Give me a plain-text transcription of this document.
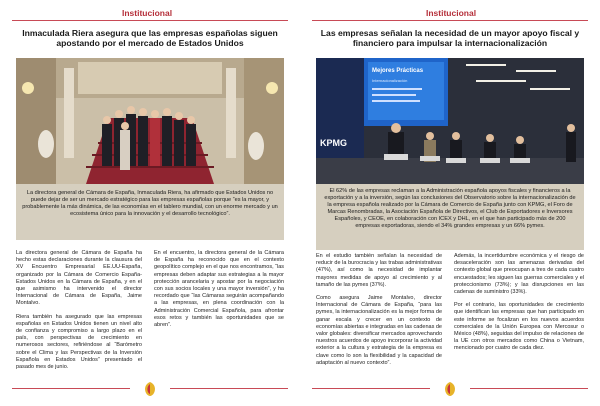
Institucional
Inmaculada Riera asegura que las empresas españolas siguen apostando por el mercado de Estados Unidos
La directora general de Cámara de España, Inmaculada Riera, ha afirmado que Estados Unidos no puede dejar de ser un mercado estratégico para las empresas españolas porque “es la mayor, y probablemente la más dinámica, de las economías en el tablero mundial, con un enorme mercado y un ecosistema único para la innovación y el desarrollo tecnológico”.

La directora general de Cámara de España ha hecho estas declaraciones durante la clausura del XV Encuentro Empresarial EE.UU-España, organizado por la Cámara de Comercio España-Estados Unidos en la Cámara de España, y en el que asimismo ha intervenido el director Internacional de Cámara de España, Jaime Montalvo.

Riera también ha asegurado que las empresas españolas en Estados Unidos tienen un nivel alto de confianza y compromiso a largo plazo en el país, con perspectivas de crecimiento en numerosos sectores, refiriéndose al “Barómetro sobre el Clima y las Perspectivas de la Inversión Española en Estados Unidos” presentado el pasado mes de junio.

En el encuentro, la directora general de la Cámara de España ha reconocido que en el contexto geopolítico complejo en el que nos encontramos, “las empresas deben adaptar sus estrategias a la mayor protección arancelaria y apostar por la negociación con sus socios locales y una mayor inversión”, y ha recordado que “las Cámaras seguirán acompañando a las empresas, en plena coordinación con la Administración Comercial Española, para afrontar esos retos y también las oportunidades que se abren”.

Institucional
Las empresas señalan la necesidad de un mayor apoyo fiscal y financiero para impulsar la internacionalización
Mejores Prácticas
Internacionalización
KPMG
El 62% de las empresas reclaman a la Administración española apoyos fiscales y financieros a la exportación y a la inversión, según las conclusiones del Observatorio sobre la internacionalización de la empresa española realizado por la Cámara de Comercio de España junto con KPMG, el Foro de Marcas Renombradas, la Asociación Española de Directivos, el Club de Exportadores e Inversores Españoles, y CEOE, en colaboración con ICEX y DHL, en el que han participado más de 200 empresas exportadoras, siendo el 34% grandes empresas y un 66% pymes.

En el estudio también señalan la necesidad de reducir de la burocracia y las trabas administrativas (47%), así como la necesidad de implantar mayores medidas de apoyo al crecimiento y al tamaño de las pymes (37%).

Como asegura Jaime Montalvo, director Internacional de Cámara de España, “para las pymes, la internacionalización es la mejor forma de ganar escala y crecer en un contexto de economías abiertas e integradas en las cadenas de valor globales: diversificar mercados aprovechando nuestros acuerdos de apoyo incorporar la actividad exterior a la cultura y estrategia de la empresa es clave como lo son la flexibilidad y la capacidad de adaptación al nuevo contexto”.

Además, la incertidumbre económica y el riesgo de desaceleración son las amenazas derivadas del contexto global que preocupan a tres de cada cuatro encuestados; les siguen las guerras comerciales y el proteccionismo (73%); y las disrupciones en las cadenas de suministro (33%).

Por el contrario, las oportunidades de crecimiento que identifican las empresas que han participado en este informe se focalizan en los nuevos acuerdos comerciales de la Unión Europea con Mercosur o México (48%), seguidas del impulso de relaciones de la UE con otros mercados como China o Vietnam, mencionado por cuatro de cada diez.
